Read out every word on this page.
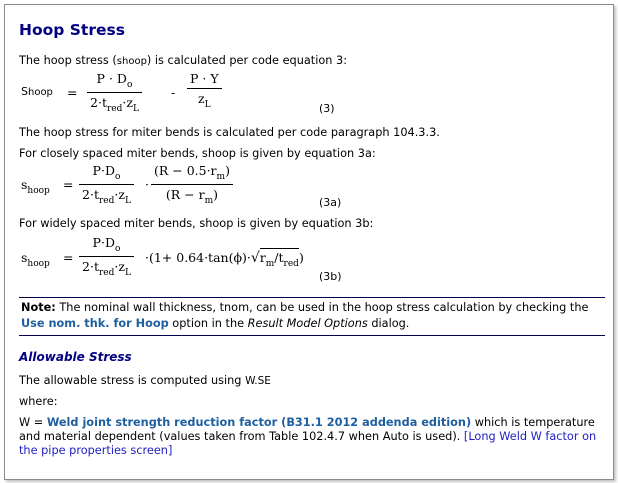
Hoop Stress

The hoop stress (shoop) is calculated per code equation 3:

Shoop =
$P \cdot D_o$
$2\cdot t_{red}\cdot z_L$
-
P · Y
$z_L$	(3)

The hoop stress for miter bends is calculated per code paragraph 104.3.3.

For closely spaced miter bends, shoop is given by equation 3a:

$s_{hoop}$ =
$P\cdot D_o$
$2\cdot t_{red}\cdot z_L$
·
$(R - 0.5\cdot r_m)$
$(R - r_m)$
(3a)

For widely spaced miter bends, shoop is given by equation 3b:

$s_{hoop}$ =
$P\cdot D_o$
$2\cdot t_{red}\cdot z_L$
$\cdot(1+ 0.64\cdot\tan(\phi)\cdot√r_m/t_{red})$
(3b)
Note: The nominal wall thickness, tnom, can be used in the hoop stress calculation by checking the Use nom. thk. for Hoop option in the Result Model Options dialog.
Allowable Stress

The allowable stress is computed using W.SE

where:

W = Weld joint strength reduction factor (B31.1 2012 addenda edition) which is temperature and material dependent (values taken from Table 102.4.7 when Auto is used). [Long Weld W factor on the pipe properties screen]
